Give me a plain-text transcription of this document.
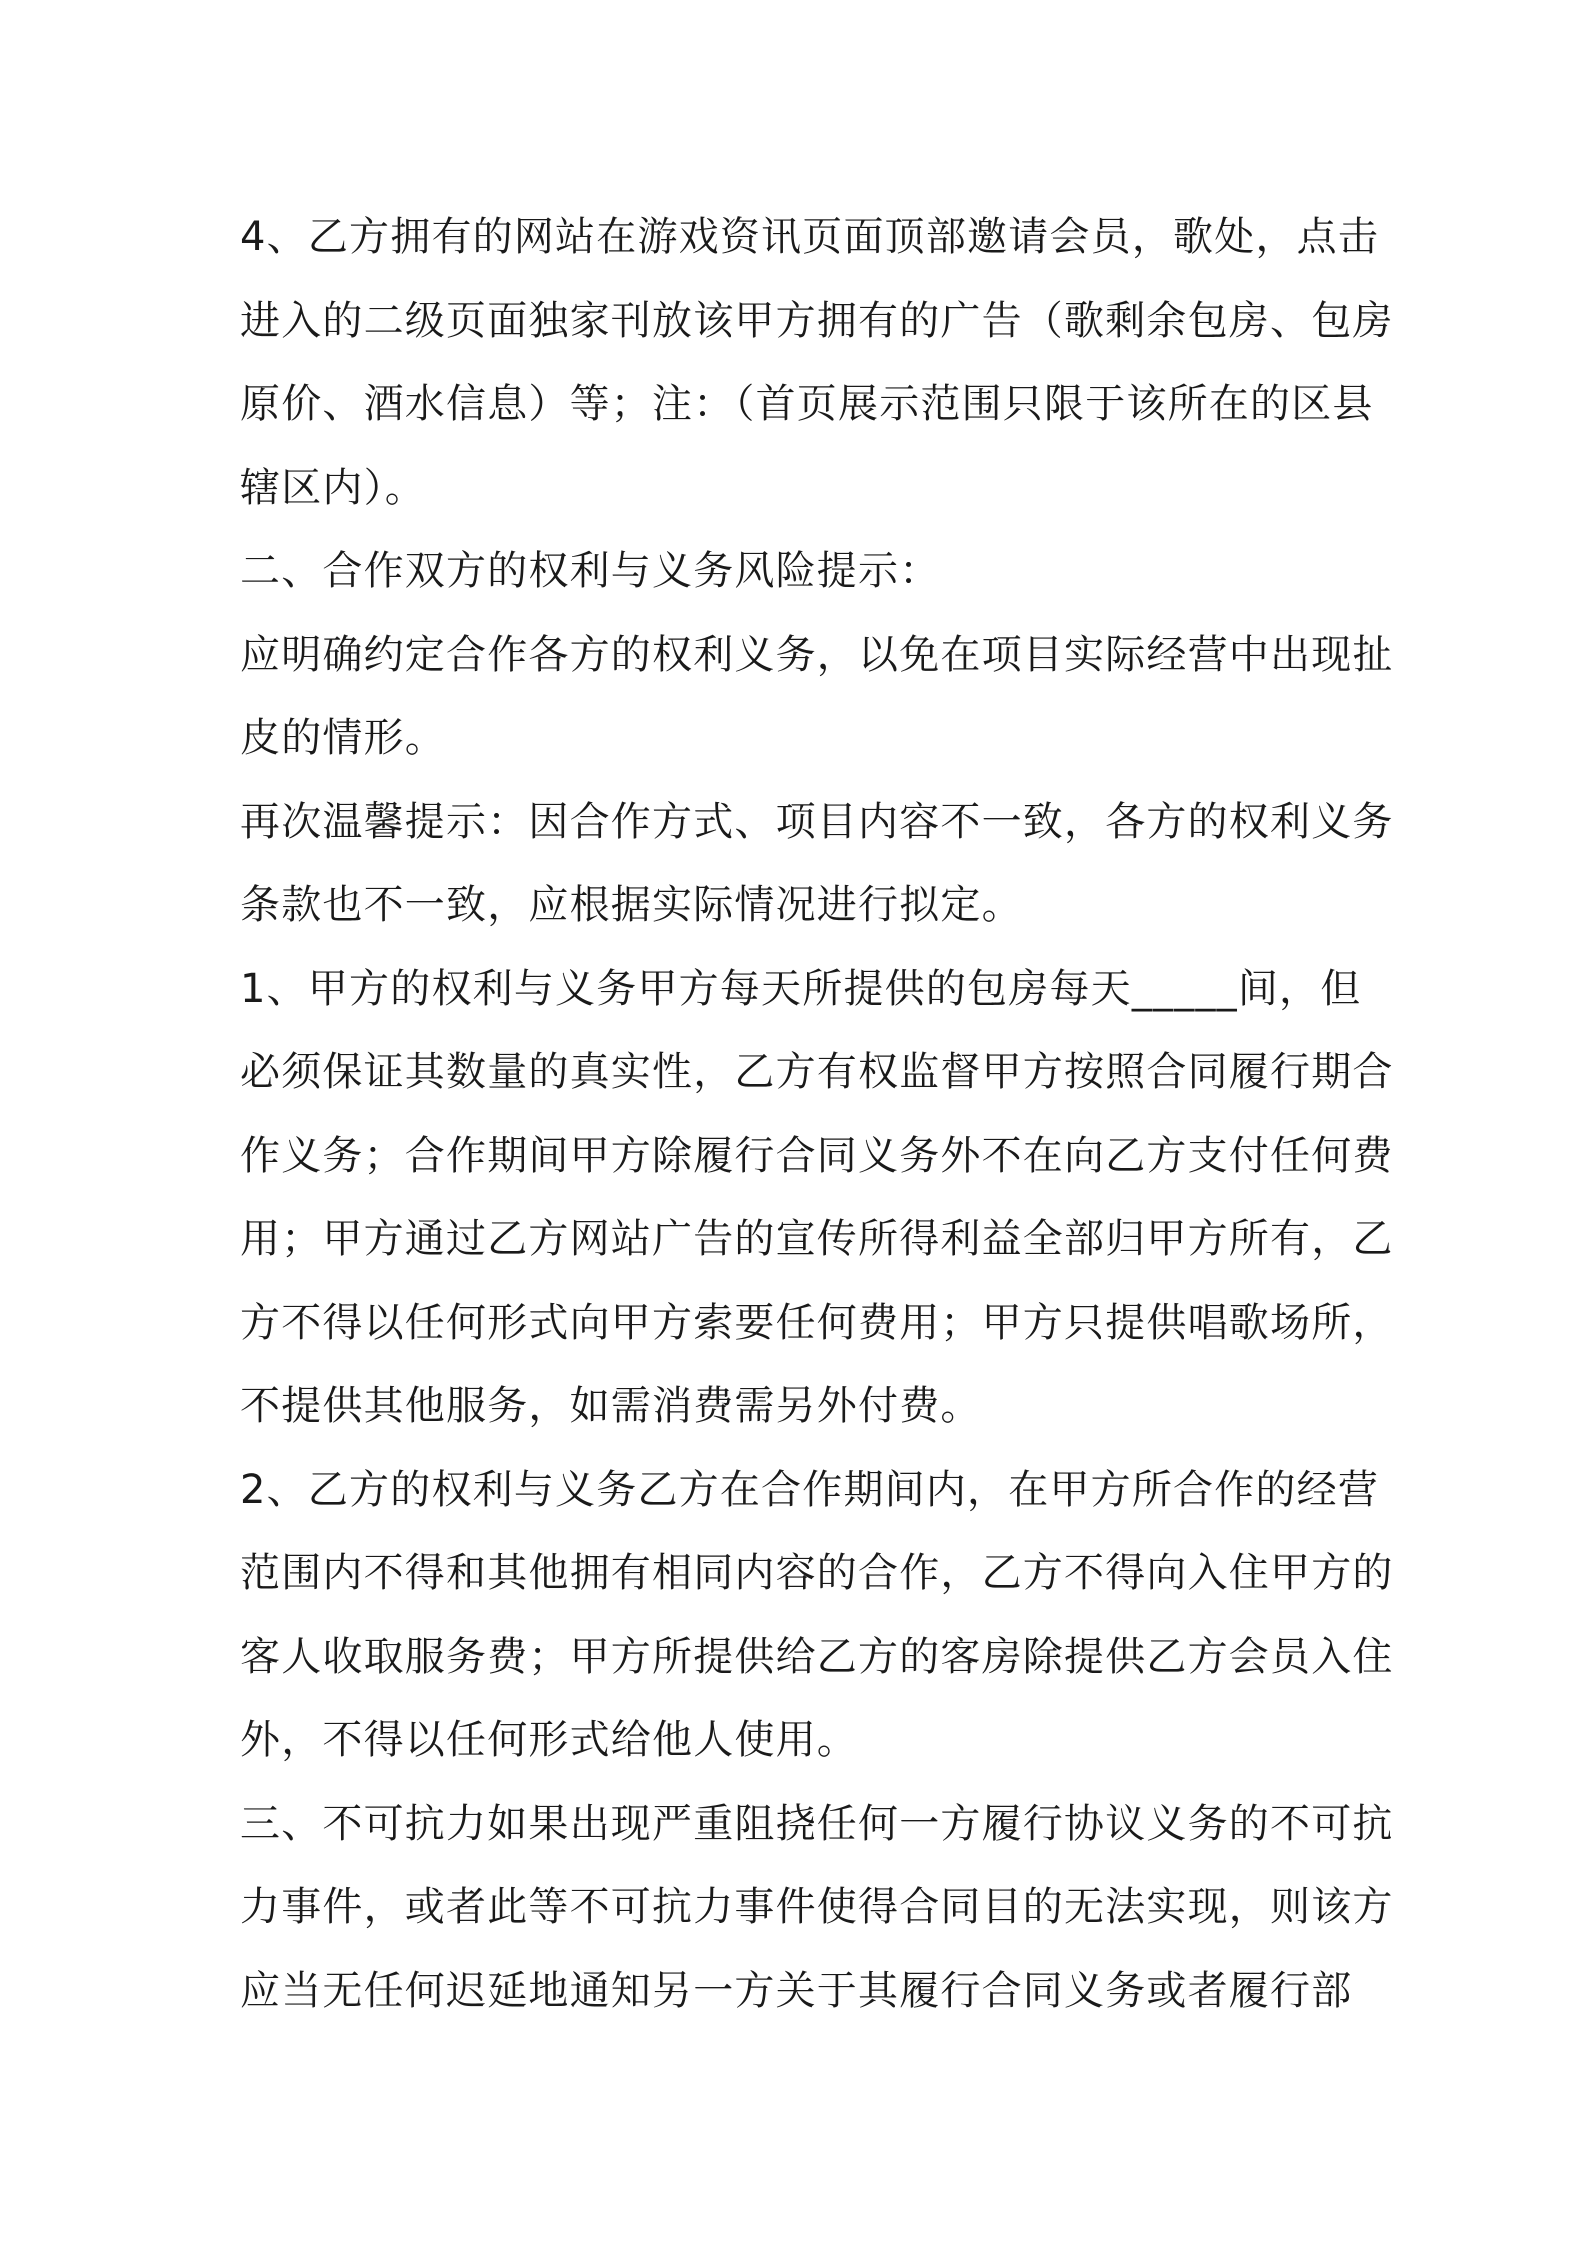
4、乙方拥有的网站在游戏资讯页面顶部邀请会员，歌处，点击
进入的二级页面独家刊放该甲方拥有的广告（歌剩余包房、包房
原价、酒水信息）等；注：（首页展示范围只限于该所在的区县
辖区内）。
二、合作双方的权利与义务风险提示：
应明确约定合作各方的权利义务，以免在项目实际经营中出现扯
皮的情形。
再次温馨提示：因合作方式、项目内容不一致，各方的权利义务
条款也不一致，应根据实际情况进行拟定。
1、甲方的权利与义务甲方每天所提供的包房每天_____间，但
必须保证其数量的真实性，乙方有权监督甲方按照合同履行期合
作义务；合作期间甲方除履行合同义务外不在向乙方支付任何费
用；甲方通过乙方网站广告的宣传所得利益全部归甲方所有，乙
方不得以任何形式向甲方索要任何费用；甲方只提供唱歌场所，
不提供其他服务，如需消费需另外付费。
2、乙方的权利与义务乙方在合作期间内，在甲方所合作的经营
范围内不得和其他拥有相同内容的合作，乙方不得向入住甲方的
客人收取服务费；甲方所提供给乙方的客房除提供乙方会员入住
外，不得以任何形式给他人使用。
三、不可抗力如果出现严重阻挠任何一方履行协议义务的不可抗
力事件，或者此等不可抗力事件使得合同目的无法实现，则该方
应当无任何迟延地通知另一方关于其履行合同义务或者履行部
